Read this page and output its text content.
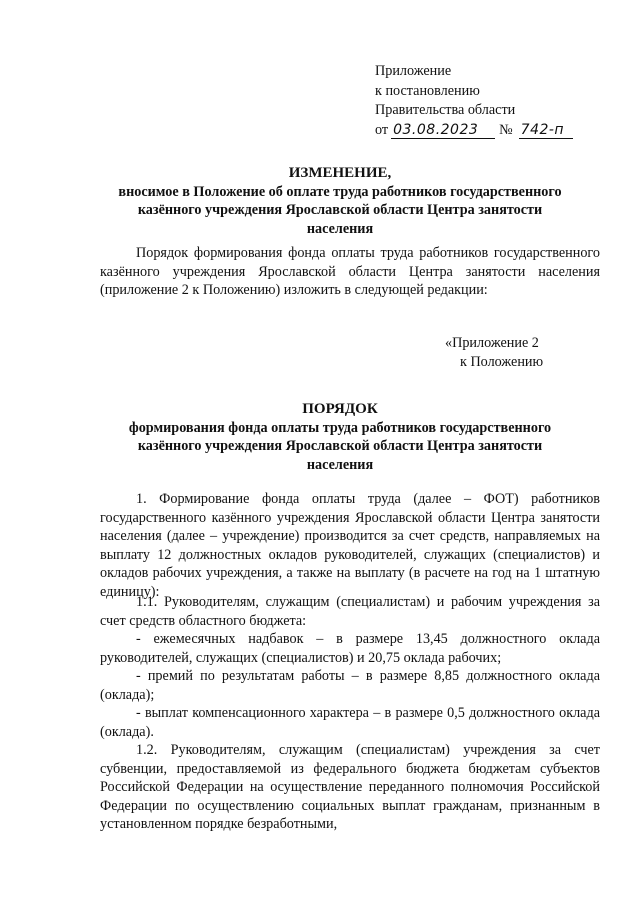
Приложение
к постановлению
Правительства области
от 03.08.2023 № 742-п
ИЗМЕНЕНИЕ,
вносимое в Положение об оплате труда работников государственного
казённого учреждения Ярославской области Центра занятости
населения
Порядок формирования фонда оплаты труда работников государственного казённого учреждения Ярославской области Центра занятости населения (приложение 2 к Положению) изложить в следующей редакции:
«Приложение 2
к Положению
ПОРЯДОК
формирования фонда оплаты труда работников государственного
казённого учреждения Ярославской области Центра занятости
населения
1. Формирование фонда оплаты труда (далее – ФОТ) работников государственного казённого учреждения Ярославской области Центра занятости населения (далее – учреждение) производится за счет средств, направляемых на выплату 12 должностных окладов руководителей, служащих (специалистов) и окладов рабочих учреждения, а также на выплату (в расчете на год на 1 штатную единицу):
1.1. Руководителям, служащим (специалистам) и рабочим учреждения за счет средств областного бюджета:
- ежемесячных надбавок – в размере 13,45 должностного оклада руководителей, служащих (специалистов) и 20,75 оклада рабочих;
- премий по результатам работы – в размере 8,85 должностного оклада (оклада);
- выплат компенсационного характера – в размере 0,5 должностного оклада (оклада).
1.2. Руководителям, служащим (специалистам) учреждения за счет субвенции, предоставляемой из федерального бюджета бюджетам субъектов Российской Федерации на осуществление переданного полномочия Российской Федерации по осуществлению социальных выплат гражданам, признанным в установленном порядке безработными,
